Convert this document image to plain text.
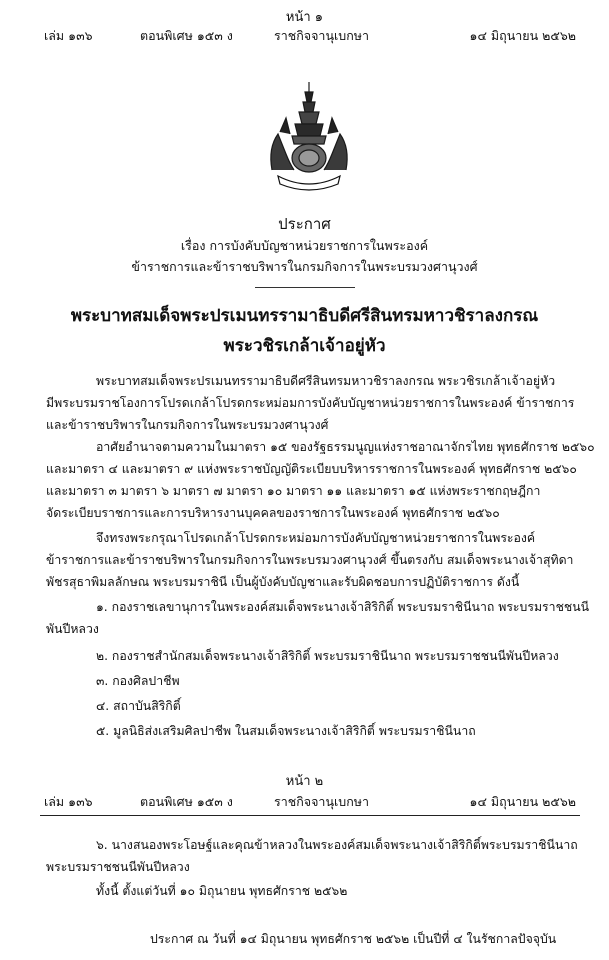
หน้า ๑
เล่ม ๑๓๖	ตอนพิเศษ ๑๕๓ ง	ราชกิจจานุเบกษา	๑๔ มิถุนายน ๒๕๖๒
ประกาศ
เรื่อง การบังคับบัญชาหน่วยราชการในพระองค์
ข้าราชการและข้าราชบริพารในกรมกิจการในพระบรมวงศานุวงศ์
พระบาทสมเด็จพระปรเมนทรรามาธิบดีศรีสินทรมหาวชิราลงกรณ
พระวชิรเกล้าเจ้าอยู่หัว
พระบาทสมเด็จพระปรเมนทรรามาธิบดีศรีสินทรมหาวชิราลงกรณ พระวชิรเกล้าเจ้าอยู่หัว
มีพระบรมราชโองการโปรดเกล้าโปรดกระหม่อมการบังคับบัญชาหน่วยราชการในพระองค์ ข้าราชการ
และข้าราชบริพารในกรมกิจการในพระบรมวงศานุวงศ์
อาศัยอำนาจตามความในมาตรา ๑๕ ของรัฐธรรมนูญแห่งราชอาณาจักรไทย พุทธศักราช ๒๕๖๐
และมาตรา ๔ และมาตรา ๙ แห่งพระราชบัญญัติระเบียบบริหารราชการในพระองค์ พุทธศักราช ๒๕๖๐
และมาตรา ๓ มาตรา ๖ มาตรา ๗ มาตรา ๑๐ มาตรา ๑๑ และมาตรา ๑๕ แห่งพระราชกฤษฎีกา
จัดระเบียบราชการและการบริหารงานบุคคลของราชการในพระองค์ พุทธศักราช ๒๕๖๐
จึงทรงพระกรุณาโปรดเกล้าโปรดกระหม่อมการบังคับบัญชาหน่วยราชการในพระองค์
ข้าราชการและข้าราชบริพารในกรมกิจการในพระบรมวงศานุวงศ์ ขึ้นตรงกับ สมเด็จพระนางเจ้าสุทิดา
พัชรสุธาพิมลลักษณ พระบรมราชินี เป็นผู้บังคับบัญชาและรับผิดชอบการปฏิบัติราชการ ดังนี้
๑. กองราชเลขานุการในพระองค์สมเด็จพระนางเจ้าสิริกิติ์ พระบรมราชินีนาถ พระบรมราชชนนี
พันปีหลวง
๒. กองราชสำนักสมเด็จพระนางเจ้าสิริกิติ์ พระบรมราชินีนาถ พระบรมราชชนนีพันปีหลวง
๓. กองศิลปาชีพ
๔. สถาบันสิริกิติ์
๕. มูลนิธิส่งเสริมศิลปาชีพ ในสมเด็จพระนางเจ้าสิริกิติ์ พระบรมราชินีนาถ
หน้า ๒
เล่ม ๑๓๖	ตอนพิเศษ ๑๕๓ ง	ราชกิจจานุเบกษา	๑๔ มิถุนายน ๒๕๖๒
๖. นางสนองพระโอษฐ์และคุณข้าหลวงในพระองค์สมเด็จพระนางเจ้าสิริกิติ์พระบรมราชินีนาถ
พระบรมราชชนนีพันปีหลวง
ทั้งนี้ ตั้งแต่วันที่ ๑๐ มิถุนายน พุทธศักราช ๒๕๖๒
ประกาศ ณ วันที่ ๑๔ มิถุนายน พุทธศักราช ๒๕๖๒ เป็นปีที่ ๔ ในรัชกาลปัจจุบัน
